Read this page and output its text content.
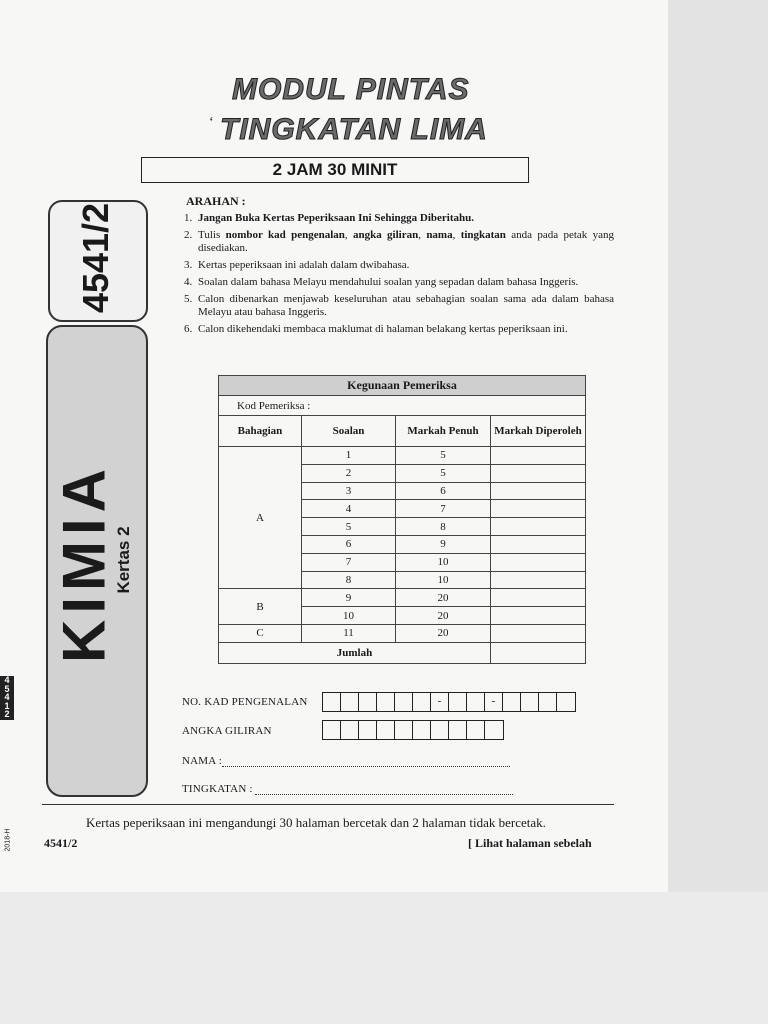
MODUL PINTAS
‘ TINGKATAN LIMA
2 JAM 30 MINIT
4541/2
KIMIA
Kertas 2
4 5 4 1 2
2018-H
ARAHAN :
1. Jangan Buka Kertas Peperiksaan Ini Sehingga Diberitahu.
2. Tulis nombor kad pengenalan, angka giliran, nama, tingkatan anda pada petak yang disediakan.
3. Kertas peperiksaan ini adalah dalam dwibahasa.
4. Soalan dalam bahasa Melayu mendahului soalan yang sepadan dalam bahasa Inggeris.
5. Calon dibenarkan menjawab keseluruhan atau sebahagian soalan sama ada dalam bahasa Melayu atau bahasa Inggeris.
6. Calon dikehendaki membaca maklumat di halaman belakang kertas peperiksaan ini.
Kegunaan Pemeriksa			
Kod Pemeriksa :			
Bahagian	Soalan	Markah Penuh	Markah Diperoleh
A	1	5	
	2	5	
	3	6	
	4	7	
	5	8	
	6	9	
	7	10	
	8	10	
B	9	20	
	10	20	
C	11	20	
Jumlah			
NO. KAD PENGENALAN	-	-
ANGKA GILIRAN
NAMA :
TINGKATAN :
Kertas peperiksaan ini mengandungi 30 halaman bercetak dan 2 halaman tidak bercetak.
4541/2	[ Lihat halaman sebelah
